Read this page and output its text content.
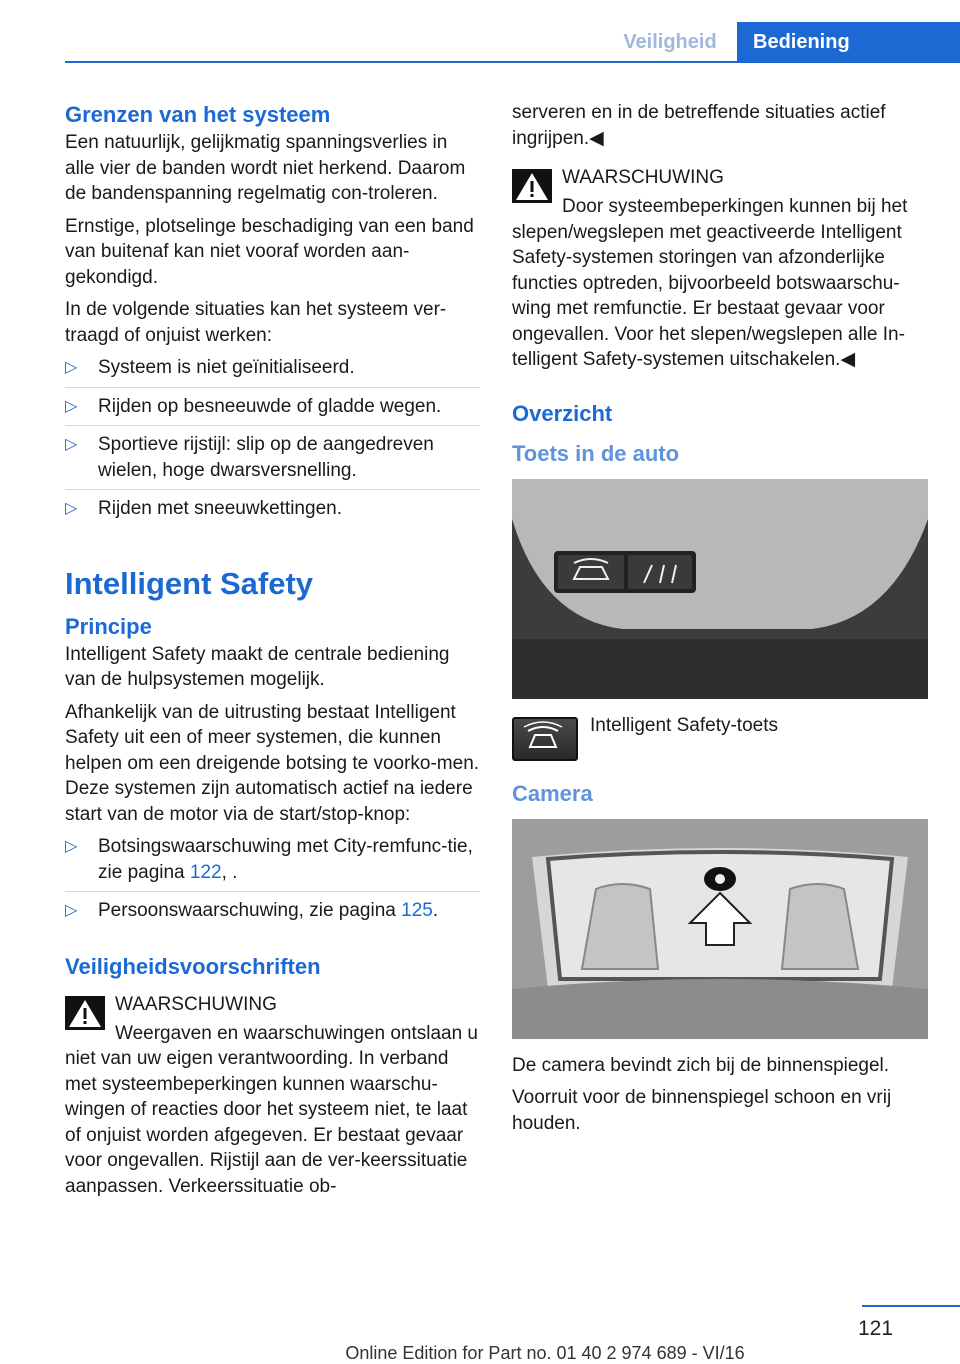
Veiligheid	Bediening
Grenzen van het systeem

Een natuurlijk, gelijkmatig spanningsverlies in alle vier de banden wordt niet herkend. Daarom de bandenspanning regelmatig con-troleren.

Ernstige, plotselinge beschadiging van een band van buitenaf kan niet vooraf worden aan-gekondigd.

In de volgende situaties kan het systeem ver-traagd of onjuist werken:

▷ Systeem is niet geïnitialiseerd.
▷ Rijden op besneeuwde of gladde wegen.
▷ Sportieve rijstijl: slip op de aangedreven wielen, hoge dwarsversnelling.
▷ Rijden met sneeuwkettingen.
Intelligent Safety
Principe

Intelligent Safety maakt de centrale bediening van de hulpsystemen mogelijk.

Afhankelijk van de uitrusting bestaat Intelligent Safety uit een of meer systemen, die kunnen helpen om een dreigende botsing te voorko-men. Deze systemen zijn automatisch actief na iedere start van de motor via de start/stop-knop:

▷ Botsingswaarschuwing met City-remfunc-tie, zie pagina 122, .
▷ Persoonswaarschuwing, zie pagina 125.
Veiligheidsvoorschriften
WAARSCHUWING
Weergaven en waarschuwingen ontslaan u niet van uw eigen verantwoording. In verband met systeembeperkingen kunnen waarschu-wingen of reacties door het systeem niet, te laat of onjuist worden afgegeven. Er bestaat gevaar voor ongevallen. Rijstijl aan de ver-keerssituatie aanpassen. Verkeerssituatie ob-

serveren en in de betreffende situaties actief ingrijpen.◀

WAARSCHUWING
Door systeembeperkingen kunnen bij het slepen/wegslepen met geactiveerde Intelligent Safety-systemen storingen van afzonderlijke functies optreden, bijvoorbeeld botswaarschu-wing met remfunctie. Er bestaat gevaar voor ongevallen. Voor het slepen/wegslepen alle In-telligent Safety-systemen uitschakelen.◀
Overzicht
Toets in de auto
Intelligent Safety-toets
Camera

De camera bevindt zich bij de binnenspiegel.

Voorruit voor de binnenspiegel schoon en vrij houden.

121
Online Edition for Part no. 01 40 2 974 689 - VI/16
